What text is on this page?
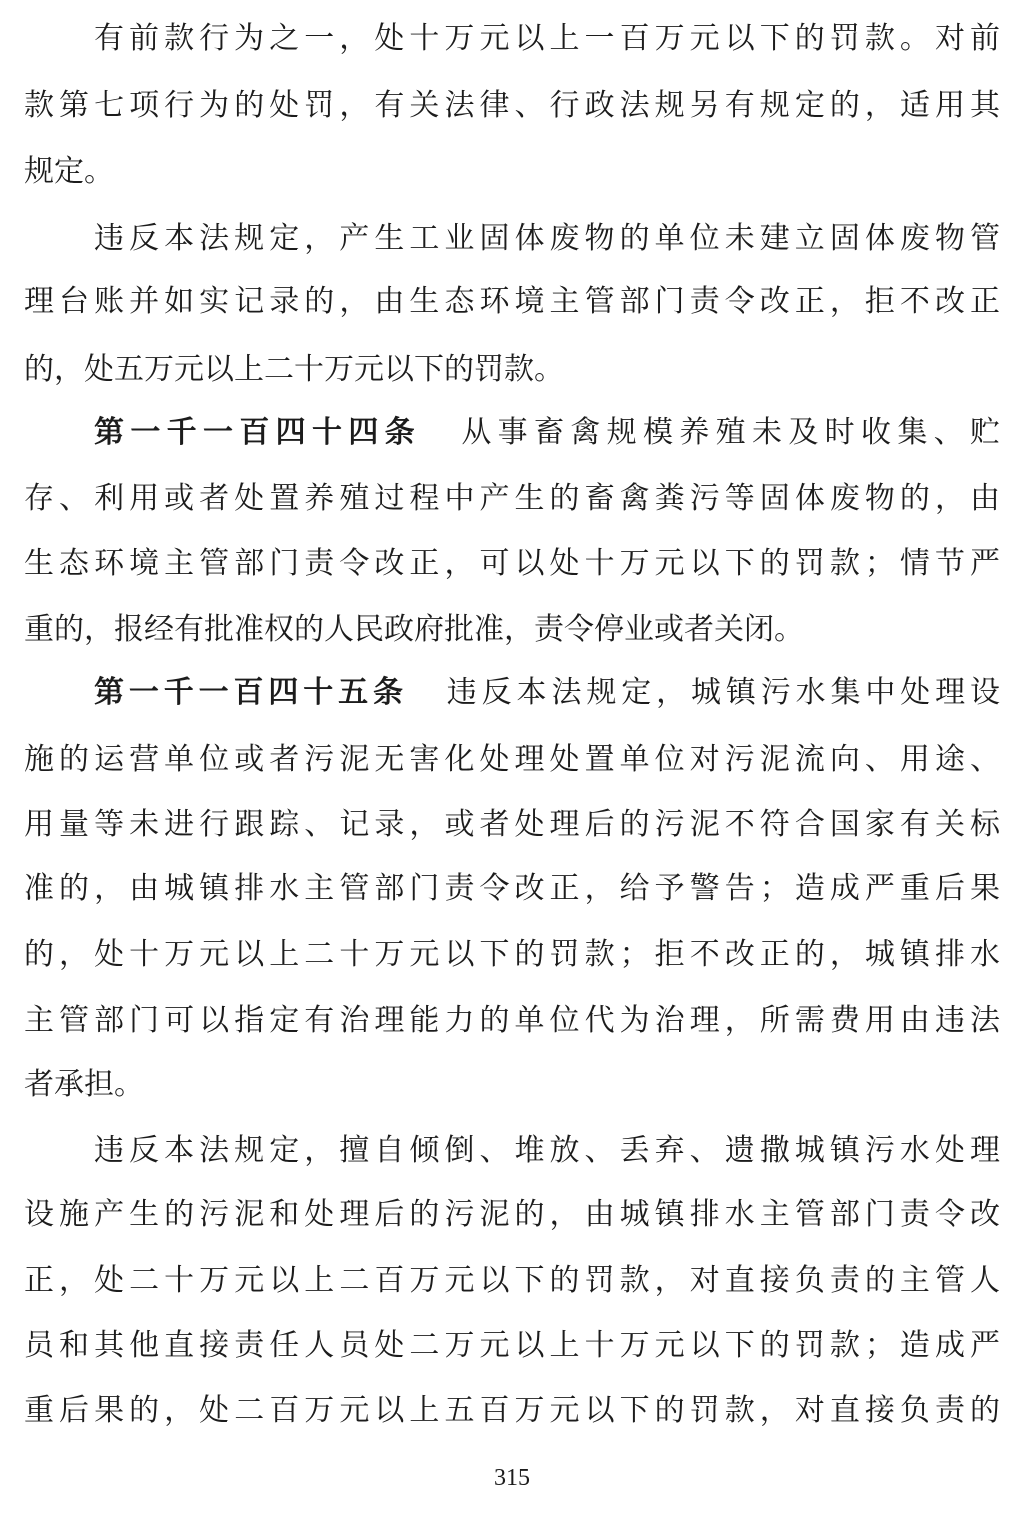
有前款行为之一，处十万元以上一百万元以下的罚款。对前
款第七项行为的处罚，有关法律、行政法规另有规定的，适用其
规定。
违反本法规定，产生工业固体废物的单位未建立固体废物管
理台账并如实记录的，由生态环境主管部门责令改正，拒不改正
的，处五万元以上二十万元以下的罚款。
第一千一百四十四条 从事畜禽规模养殖未及时收集、贮
存、利用或者处置养殖过程中产生的畜禽粪污等固体废物的，由
生态环境主管部门责令改正，可以处十万元以下的罚款；情节严
重的，报经有批准权的人民政府批准，责令停业或者关闭。
第一千一百四十五条 违反本法规定，城镇污水集中处理设
施的运营单位或者污泥无害化处理处置单位对污泥流向、用途、
用量等未进行跟踪、记录，或者处理后的污泥不符合国家有关标
准的，由城镇排水主管部门责令改正，给予警告；造成严重后果
的，处十万元以上二十万元以下的罚款；拒不改正的，城镇排水
主管部门可以指定有治理能力的单位代为治理，所需费用由违法
者承担。
违反本法规定，擅自倾倒、堆放、丢弃、遗撒城镇污水处理
设施产生的污泥和处理后的污泥的，由城镇排水主管部门责令改
正，处二十万元以上二百万元以下的罚款，对直接负责的主管人
员和其他直接责任人员处二万元以上十万元以下的罚款；造成严
重后果的，处二百万元以上五百万元以下的罚款，对直接负责的
315
